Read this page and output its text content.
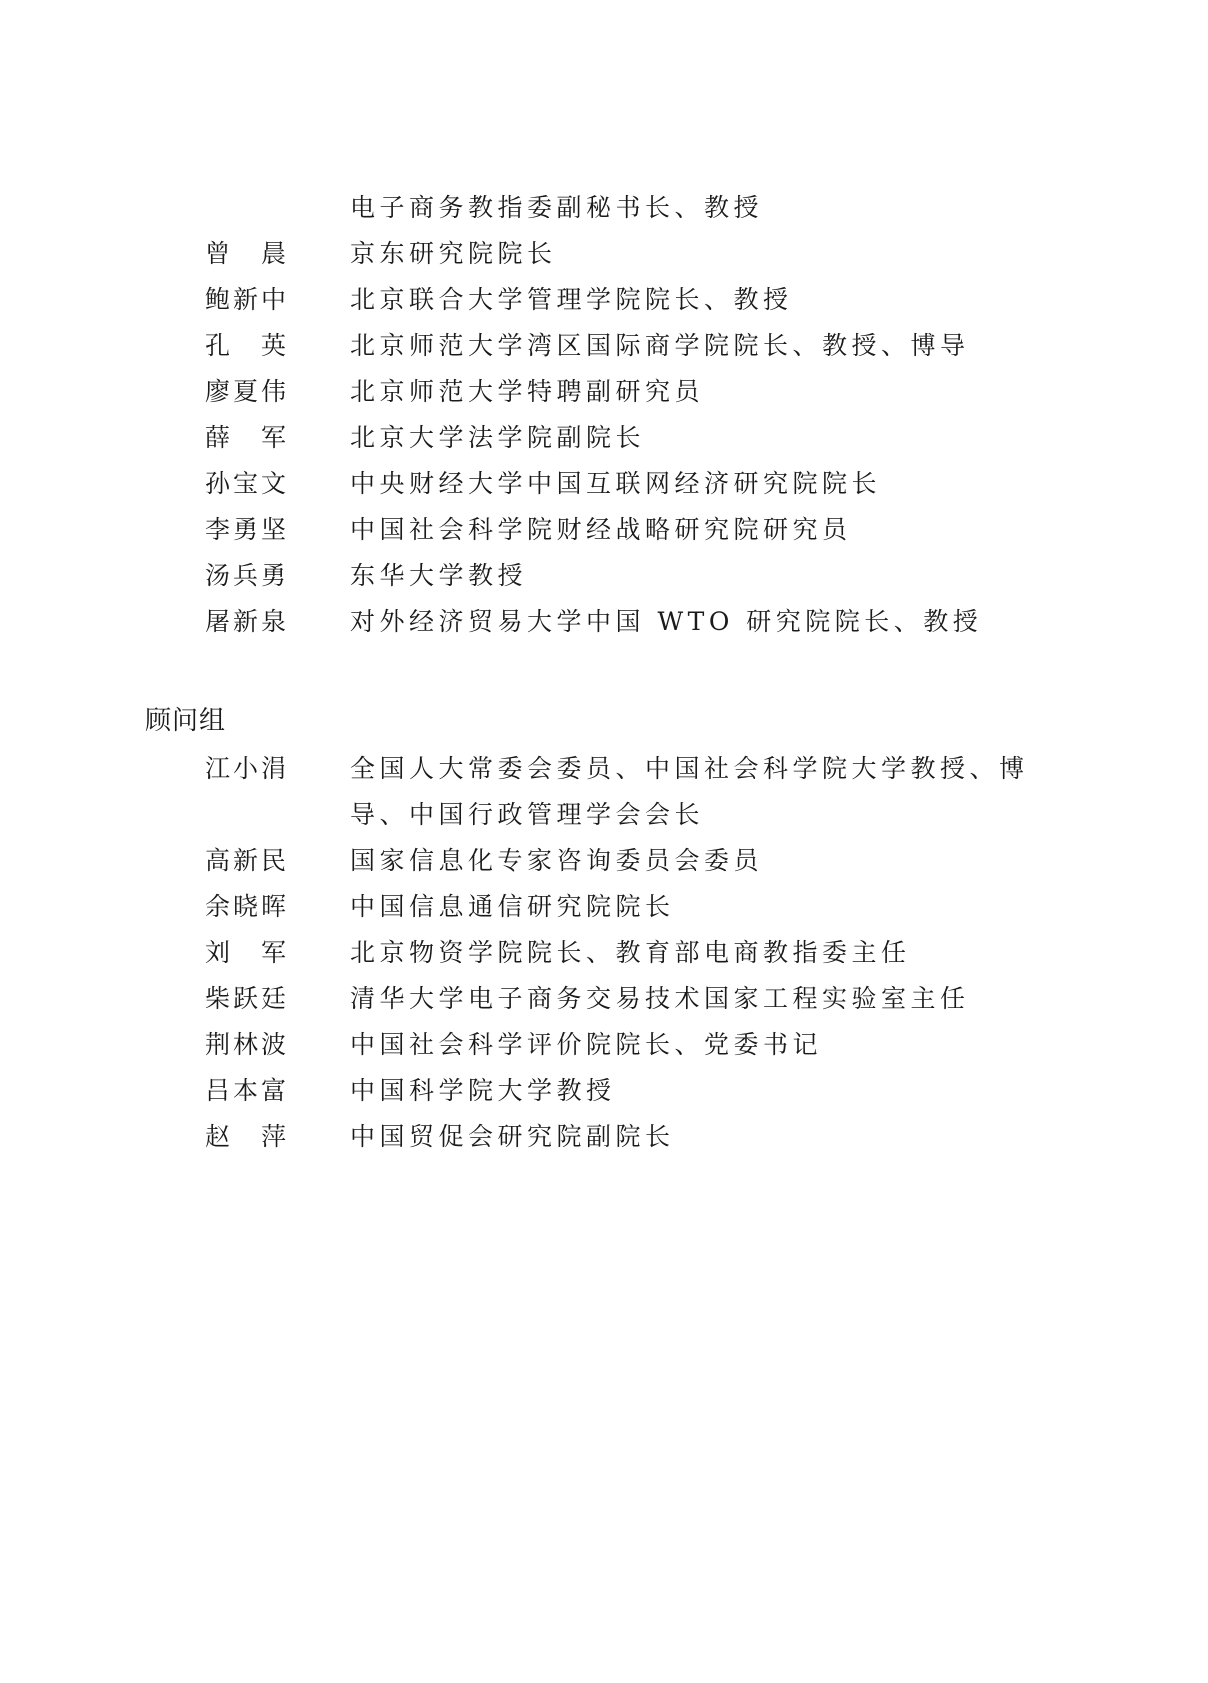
电子商务教指委副秘书长、教授
曾　晨 京东研究院院长
鲍新中 北京联合大学管理学院院长、教授
孔　英 北京师范大学湾区国际商学院院长、教授、博导
廖夏伟 北京师范大学特聘副研究员
薛　军 北京大学法学院副院长
孙宝文 中央财经大学中国互联网经济研究院院长
李勇坚 中国社会科学院财经战略研究院研究员
汤兵勇 东华大学教授
屠新泉 对外经济贸易大学中国 WTO 研究院院长、教授
顾问组
江小涓 全国人大常委会委员、中国社会科学院大学教授、博导、中国行政管理学会会长
高新民 国家信息化专家咨询委员会委员
余晓晖 中国信息通信研究院院长
刘　军 北京物资学院院长、教育部电商教指委主任
柴跃廷 清华大学电子商务交易技术国家工程实验室主任
荆林波 中国社会科学评价院院长、党委书记
吕本富 中国科学院大学教授
赵　萍 中国贸促会研究院副院长
